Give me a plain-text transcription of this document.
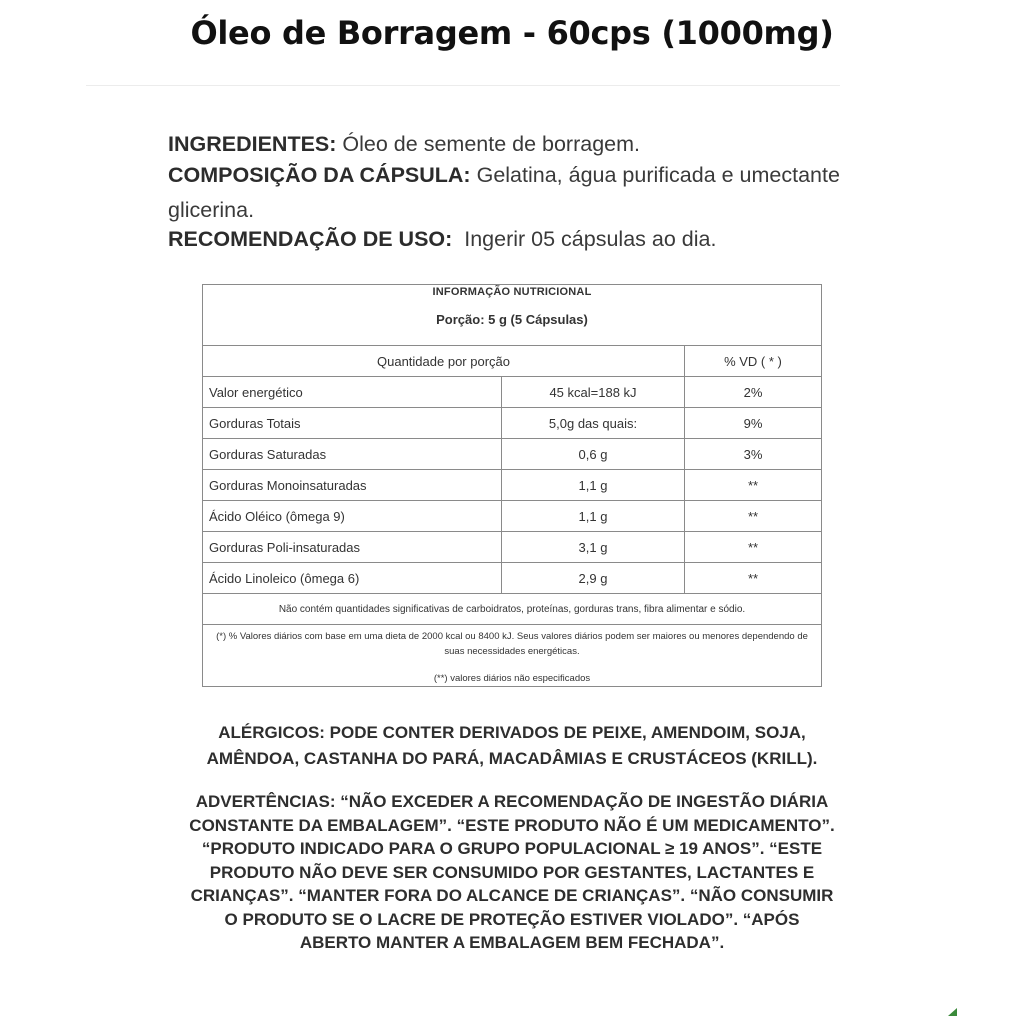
Óleo de Borragem - 60cps (1000mg)
INGREDIENTES: Óleo de semente de borragem.
COMPOSIÇÃO DA CÁPSULA: Gelatina, água purificada e umectante
glicerina.
RECOMENDAÇÃO DE USO: Ingerir 05 cápsulas ao dia.
INFORMAÇÃO NUTRICIONAL
Porção: 5 g (5 Cápsulas)		

Quantidade por porção		% VD ( * )
Valor energético	45 kcal=188 kJ	2%
Gorduras Totais	5,0g das quais:	9%
Gorduras Saturadas	0,6 g	3%
Gorduras Monoinsaturadas	1,1 g	**
Ácido Oléico (ômega 9)	1,1 g	**
Gorduras Poli-insaturadas	3,1 g	**
Ácido Linoleico (ômega 6)	2,9 g	**
Não contém quantidades significativas de carboidratos, proteínas, gorduras trans, fibra alimentar e sódio.		
(*) % Valores diários com base em uma dieta de 2000 kcal ou 8400 kJ. Seus valores diários podem ser maiores ou menores dependendo de suas necessidades energéticas.
(**) valores diários não especificados		
ALÉRGICOS: PODE CONTER DERIVADOS DE PEIXE, AMENDOIM, SOJA,
AMÊNDOA, CASTANHA DO PARÁ, MACADÂMIAS E CRUSTÁCEOS (KRILL).
ADVERTÊNCIAS: “NÃO EXCEDER A RECOMENDAÇÃO DE INGESTÃO DIÁRIA
CONSTANTE DA EMBALAGEM”. “ESTE PRODUTO NÃO É UM MEDICAMENTO”.
“PRODUTO INDICADO PARA O GRUPO POPULACIONAL ≥ 19 ANOS”. “ESTE
PRODUTO NÃO DEVE SER CONSUMIDO POR GESTANTES, LACTANTES E
CRIANÇAS”. “MANTER FORA DO ALCANCE DE CRIANÇAS”. “NÃO CONSUMIR
O PRODUTO SE O LACRE DE PROTEÇÃO ESTIVER VIOLADO”. “APÓS
ABERTO MANTER A EMBALAGEM BEM FECHADA”.
